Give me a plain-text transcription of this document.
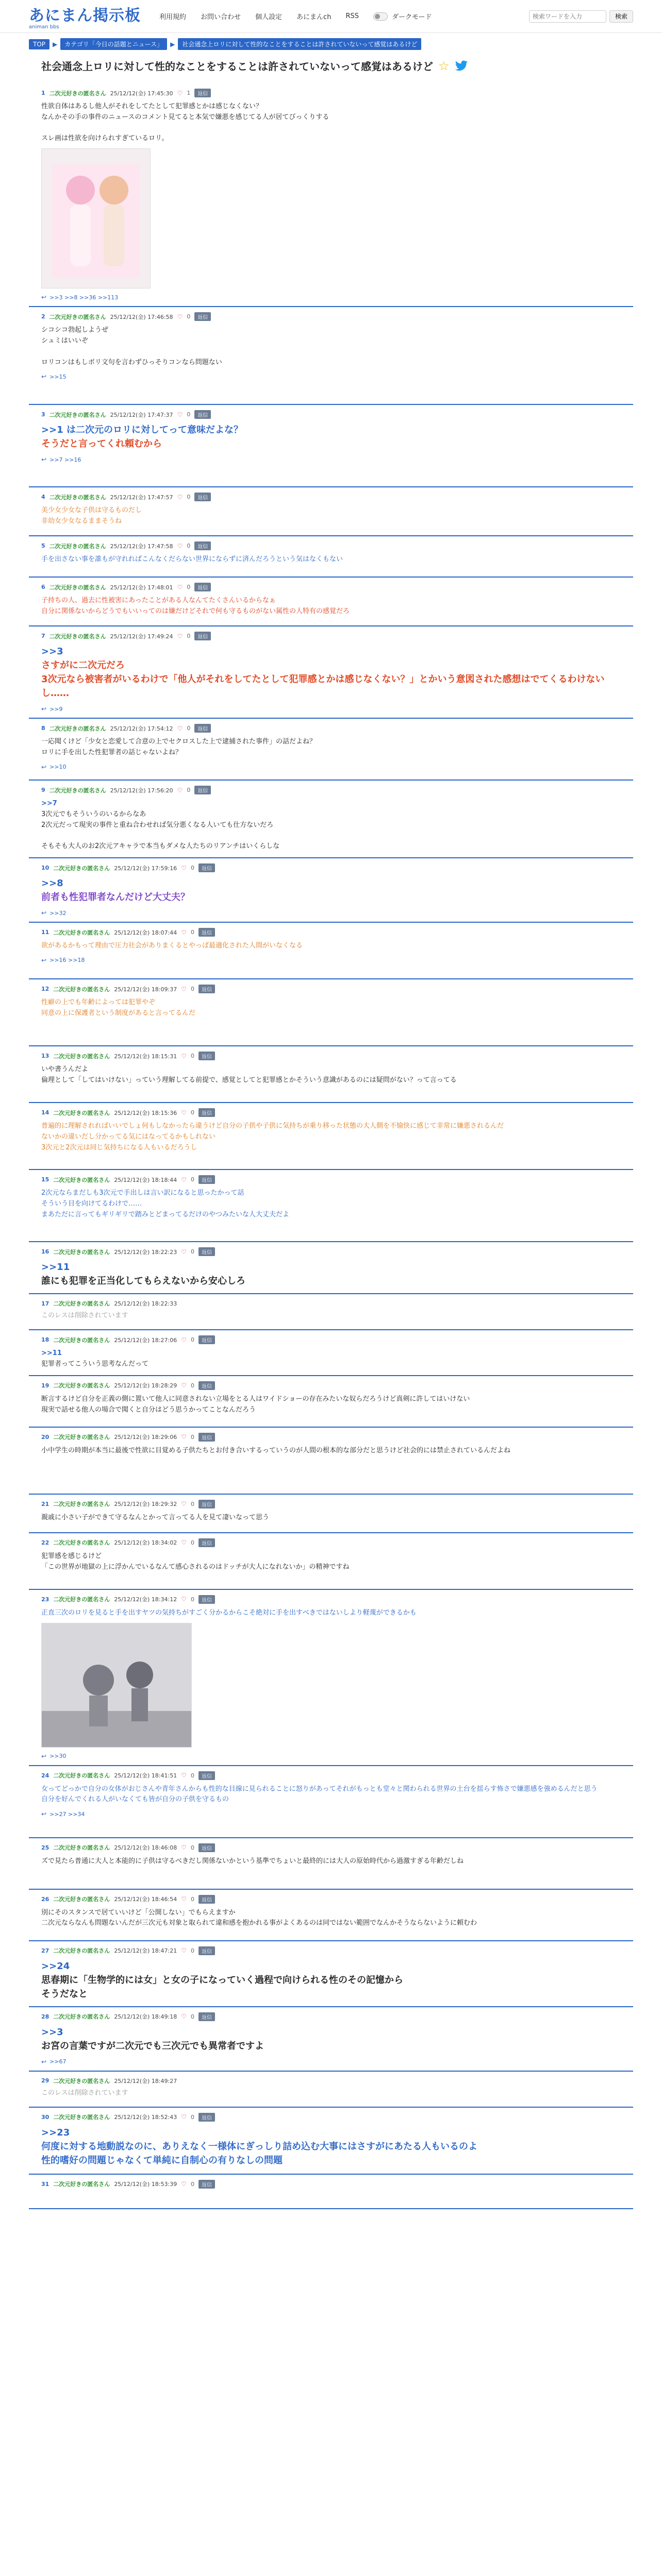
あにまん掲示板
animan bbs
利用規約 お問い合わせ 個人設定 あにまんch RSS	ダークモード
検索ワードを入力	検索
TOP	▶	カテゴリ「今日の話題とニュース」	▶	社会通念上ロリに対して性的なことをすることは許されていないって感覚はあるけど
社会通念上ロリに対して性的なことをすることは許されていないって感覚はあるけど ☆
1 二次元好きの匿名さん 25/12/12(金) 17:45:30 ♡ 1	返信
性欲自体はあるし他人がそれをしてたとして犯罪感とかは感じなくない？
なんかその手の事件のニュースのコメント見てると本気で嫌悪を感じてる人が居てびっくりする

スレ画は性欲を向けられすぎているロリ。
↩ >>3 >>8 >>36 >>113
2 二次元好きの匿名さん 25/12/12(金) 17:46:58 ♡ 0	返信
シコシコ勃起しようぜ
シュミはいいぞ

ロリコンはもしボリ文句を言わずひっそりコンなら問題ない
↩ >>15
3 二次元好きの匿名さん 25/12/12(金) 17:47:37 ♡ 0	返信
>>1 は二次元のロリに対してって意味だよな？
そうだと言ってくれ頼むから
↩ >>7 >>16
4 二次元好きの匿名さん 25/12/12(金) 17:47:57 ♡ 0	返信
美少女少女な子供は守るものだし
非幼女少女なるままそうね
5 二次元好きの匿名さん 25/12/12(金) 17:47:58 ♡ 0	返信
手を出さない事を誰もが守れればこんなくだらない世界にならずに済んだろうという気はなくもない
6 二次元好きの匿名さん 25/12/12(金) 17:48:01 ♡ 0	返信
子持ちの人、過去に性被害にあったことがある人なんてたくさんいるからなぁ
自分に関係ないからどうでもいいってのは嫌だけどそれで何も守るものがない属性の人特有の感覚だろ
7 二次元好きの匿名さん 25/12/12(金) 17:49:24 ♡ 0	返信
>>3
さすがに二次元だろ
3次元なら被害者がいるわけで「他人がそれをしてたとして犯罪感とかは感じなくない？」とかいう意図された感想はでてくるわけないし……
↩ >>9
8 二次元好きの匿名さん 25/12/12(金) 17:54:12 ♡ 0	返信
一応聞くけど「少女と恋愛して合意の上でセクロスした上で逮捕された事件」の話だよね？
ロリに手を出した性犯罪者の話じゃないよね？
↩ >>10
9 二次元好きの匿名さん 25/12/12(金) 17:56:20 ♡ 0	返信
>>7
3次元でもそういうのいるからなあ
2次元だって現実の事件と重ね合わせれば気分悪くなる人いても仕方ないだろ

そもそも大人のお2次元アキャラで本当もダメな人たちのリアンチはいくらしな
10 二次元好きの匿名さん 25/12/12(金) 17:59:16 ♡ 0	返信
>>8
前者も性犯罪者なんだけど大丈夫？
↩ >>32
11 二次元好きの匿名さん 25/12/12(金) 18:07:44 ♡ 0	返信
欲があるかもって理由で圧力社会がありまくるとやっぱ最適化された人間がいなくなる
↩ >>16 >>18
12 二次元好きの匿名さん 25/12/12(金) 18:09:37 ♡ 0	返信
性癖の上でも年齢によっては犯罪やぞ
同意の上に保護者という制度があると言ってるんだ
13 二次元好きの匿名さん 25/12/12(金) 18:15:31 ♡ 0	返信
いや書うんだよ
倫理として「してはいけない」っていう理解してる前提で、感覚としてと犯罪感とかそういう意識があるのには疑問がない？って言ってる
14 二次元好きの匿名さん 25/12/12(金) 18:15:36 ♡ 0	返信
普遍的に理解されればいいでしょ何もしなかったら違うけど自分の子供や子供に気持ちが乗り移った状態の大人側を不愉快に感じて非常に嫌悪されるんだ
ないかの違いだし分かってる気にはなってるかもしれない
3次元と2次元は同じ気持ちになる人もいるだろうし
15 二次元好きの匿名さん 25/12/12(金) 18:18:44 ♡ 0	返信
2次元ならまだしも3次元で手出しは言い訳になると思ったかって話
そういう目を向けてるわけで……
まあただに言ってもギリギリで踏みとどまってるだけのやつみたいな人大丈夫だよ
16 二次元好きの匿名さん 25/12/12(金) 18:22:23 ♡ 0	返信
>>11
誰にも犯罪を正当化してもらえないから安心しろ
17 二次元好きの匿名さん 25/12/12(金) 18:22:33
このレスは削除されています
18 二次元好きの匿名さん 25/12/12(金) 18:27:06 ♡ 0	返信
>>11
犯罪者ってこういう思考なんだって
19 二次元好きの匿名さん 25/12/12(金) 18:28:29 ♡ 0	返信
断言するけど自分を正義の側に置いて他人に同意されない立場をとる人はワイドショーの存在みたいな奴らだろうけど真剣に許してはいけない
現実で話せる他人の場合で聞くと自分はどう思うかってことなんだろう
20 二次元好きの匿名さん 25/12/12(金) 18:29:06 ♡ 0	返信
小中学生の時期が本当に最後で性欲に目覚める子供たちとお付き合いするっていうのが人間の根本的な部分だと思うけど社会的には禁止されているんだよね
21 二次元好きの匿名さん 25/12/12(金) 18:29:32 ♡ 0	返信
親戚に小さい子ができて守るなんとかって言ってる人を見て凄いなって思う
22 二次元好きの匿名さん 25/12/12(金) 18:34:02 ♡ 0	返信
犯罪感を感じるけど
「この世界が地獄の上に浮かんでいるなんて感心されるのはドッチが大人になれないか」の精神ですね
23 二次元好きの匿名さん 25/12/12(金) 18:34:12 ♡ 0	返信
正直三次のロリを見ると手を出すヤツの気持ちがすごく分かるからこそ絶対に手を出すべきではないしより軽蔑ができるかも
↩ >>30
24 二次元好きの匿名さん 25/12/12(金) 18:41:51 ♡ 0	返信
女ってどっかで自分の女体がおじさんや青年さんからも性的な目線に見られることに怒りがあってそれがもっとも堂々と関わられる世界の土台を揺らす怖さで嫌悪感を強めるんだと思う
自分を好んでくれる人がいなくても皆が自分の子供を守るもの
↩ >>27 >>34
25 二次元好きの匿名さん 25/12/12(金) 18:46:08 ♡ 0	返信
ズで見たら普通に大人と本能的に子供は守るべきだし関係ないかという基準でちょいと最終的には大人の原始時代から過激すぎる年齢だしね
26 二次元好きの匿名さん 25/12/12(金) 18:46:54 ♡ 0	返信
別にそのスタンスで居ていいけど「公開しない」でもらえますか
二次元ならなんも問題ないんだが三次元も対象と取られて違和感を抱かれる事がよくあるのは同ではない範囲でなんかそうならないように頼むわ
27 二次元好きの匿名さん 25/12/12(金) 18:47:21 ♡ 0	返信
>>24
思春期に「生物学的には女」と女の子になっていく過程で向けられる性のその記憶から
そうだなと
28 二次元好きの匿名さん 25/12/12(金) 18:49:18 ♡ 0	返信
>>3
お宮の言葉ですが二次元でも三次元でも異常者ですよ
↩ >>67
29 二次元好きの匿名さん 25/12/12(金) 18:49:27
このレスは削除されています
30 二次元好きの匿名さん 25/12/12(金) 18:52:43 ♡ 0	返信
>>23
何度に対する地動説なのに、ありえなく一様体にぎっしり詰め込む大事にはさすがにあたる人もいるのよ
性的嗜好の問題じゃなくて単純に自制心の有りなしの問題
31 二次元好きの匿名さん 25/12/12(金) 18:53:39 ♡ 0	返信
